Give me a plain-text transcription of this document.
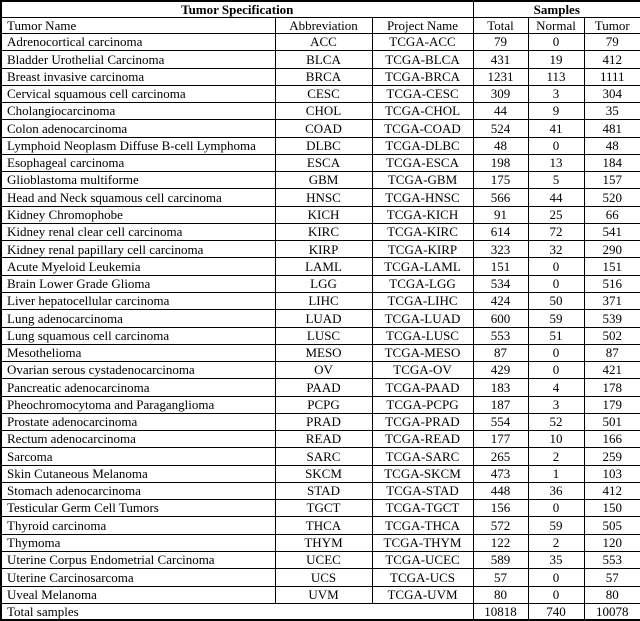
Tumor Specification			Samples		
Tumor Name	Abbreviation	Project Name	Total	Normal	Tumor
Adrenocortical carcinoma	ACC	TCGA-ACC	79	0	79
Bladder Urothelial Carcinoma	BLCA	TCGA-BLCA	431	19	412
Breast invasive carcinoma	BRCA	TCGA-BRCA	1231	113	1111
Cervical squamous cell carcinoma	CESC	TCGA-CESC	309	3	304
Cholangiocarcinoma	CHOL	TCGA-CHOL	44	9	35
Colon adenocarcinoma	COAD	TCGA-COAD	524	41	481
Lymphoid Neoplasm Diffuse B-cell Lymphoma	DLBC	TCGA-DLBC	48	0	48
Esophageal carcinoma	ESCA	TCGA-ESCA	198	13	184
Glioblastoma multiforme	GBM	TCGA-GBM	175	5	157
Head and Neck squamous cell carcinoma	HNSC	TCGA-HNSC	566	44	520
Kidney Chromophobe	KICH	TCGA-KICH	91	25	66
Kidney renal clear cell carcinoma	KIRC	TCGA-KIRC	614	72	541
Kidney renal papillary cell carcinoma	KIRP	TCGA-KIRP	323	32	290
Acute Myeloid Leukemia	LAML	TCGA-LAML	151	0	151
Brain Lower Grade Glioma	LGG	TCGA-LGG	534	0	516
Liver hepatocellular carcinoma	LIHC	TCGA-LIHC	424	50	371
Lung adenocarcinoma	LUAD	TCGA-LUAD	600	59	539
Lung squamous cell carcinoma	LUSC	TCGA-LUSC	553	51	502
Mesothelioma	MESO	TCGA-MESO	87	0	87
Ovarian serous cystadenocarcinoma	OV	TCGA-OV	429	0	421
Pancreatic adenocarcinoma	PAAD	TCGA-PAAD	183	4	178
Pheochromocytoma and Paraganglioma	PCPG	TCGA-PCPG	187	3	179
Prostate adenocarcinoma	PRAD	TCGA-PRAD	554	52	501
Rectum adenocarcinoma	READ	TCGA-READ	177	10	166
Sarcoma	SARC	TCGA-SARC	265	2	259
Skin Cutaneous Melanoma	SKCM	TCGA-SKCM	473	1	103
Stomach adenocarcinoma	STAD	TCGA-STAD	448	36	412
Testicular Germ Cell Tumors	TGCT	TCGA-TGCT	156	0	150
Thyroid carcinoma	THCA	TCGA-THCA	572	59	505
Thymoma	THYM	TCGA-THYM	122	2	120
Uterine Corpus Endometrial Carcinoma	UCEC	TCGA-UCEC	589	35	553
Uterine Carcinosarcoma	UCS	TCGA-UCS	57	0	57
Uveal Melanoma	UVM	TCGA-UVM	80	0	80
Total samples			10818	740	10078
